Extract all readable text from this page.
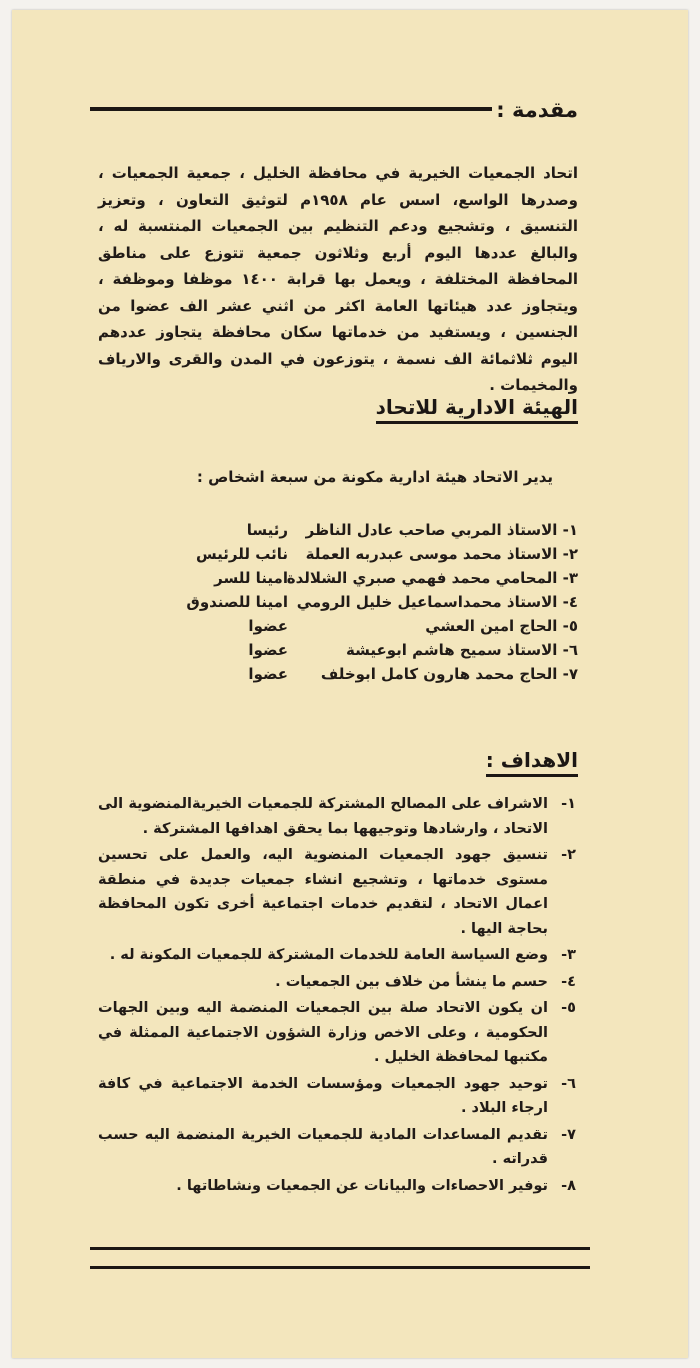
مقدمة :
اتحاد الجمعيات الخيرية في محافظة الخليل ، جمعية الجمعيات ، وصدرها الواسع، اسس عام ١٩٥٨م لتوثيق التعاون ، وتعزيز التنسيق ، وتشجيع ودعم التنظيم بين الجمعيات المنتسبة له ، والبالغ عددها اليوم أربع وثلاثون جمعية تتوزع على مناطق المحافظة المختلفة ، ويعمل بها قرابة ١٤٠٠ موظفا وموظفة ، ويتجاوز عدد هيئاتها العامة اكثر من اثني عشر الف عضوا من الجنسين ، ويستفيد من خدماتها سكان محافظة يتجاوز عددهم اليوم ثلاثمائة الف نسمة ، يتوزعون في المدن والقرى والارياف والمخيمات .
الهيئة الادارية للاتحاد
يدير الاتحاد هيئة ادارية مكونة من سبعة اشخاص :
١- الاستاذ المربي صاحب عادل الناظر
رئيسا
٢- الاستاذ محمد موسى عبدربه العملة
نائب للرئيس
٣- المحامي محمد فهمي صبري الشلالدة
امينا للسر
٤- الاستاذ محمداسماعيل خليل الرومي
امينا للصندوق
٥- الحاج امين العشي
عضوا
٦- الاستاذ سميح هاشم ابوعيشة
عضوا
٧- الحاج محمد هارون كامل ابوخلف
عضوا
الاهداف :
١-
الاشراف على المصالح المشتركة للجمعيات الخيريةالمنضوية الى الاتحاد ، وارشادها وتوجيهها بما يحقق اهدافها المشتركة .
٢-
تنسيق جهود الجمعيات المنضوية اليه، والعمل على تحسين مستوى خدماتها ، وتشجيع انشاء جمعيات جديدة في منطقة اعمال الاتحاد ، لتقديم خدمات اجتماعية أخرى تكون المحافظة بحاجة اليها .
٣-
وضع السياسة العامة للخدمات المشتركة للجمعيات المكونة له .
٤-
حسم ما ينشأ من خلاف بين الجمعيات .
٥-
ان يكون الاتحاد صلة بين الجمعيات المنضمة اليه وبين الجهات الحكومية ، وعلى الاخص وزارة الشؤون الاجتماعية الممثلة في مكتبها لمحافظة الخليل .
٦-
توحيد جهود الجمعيات ومؤسسات الخدمة الاجتماعية في كافة ارجاء البلاد .
٧-
تقديم المساعدات المادية للجمعيات الخيرية المنضمة اليه حسب قدراته .
٨-
توفير الاحصاءات والبيانات عن الجمعيات ونشاطاتها .
